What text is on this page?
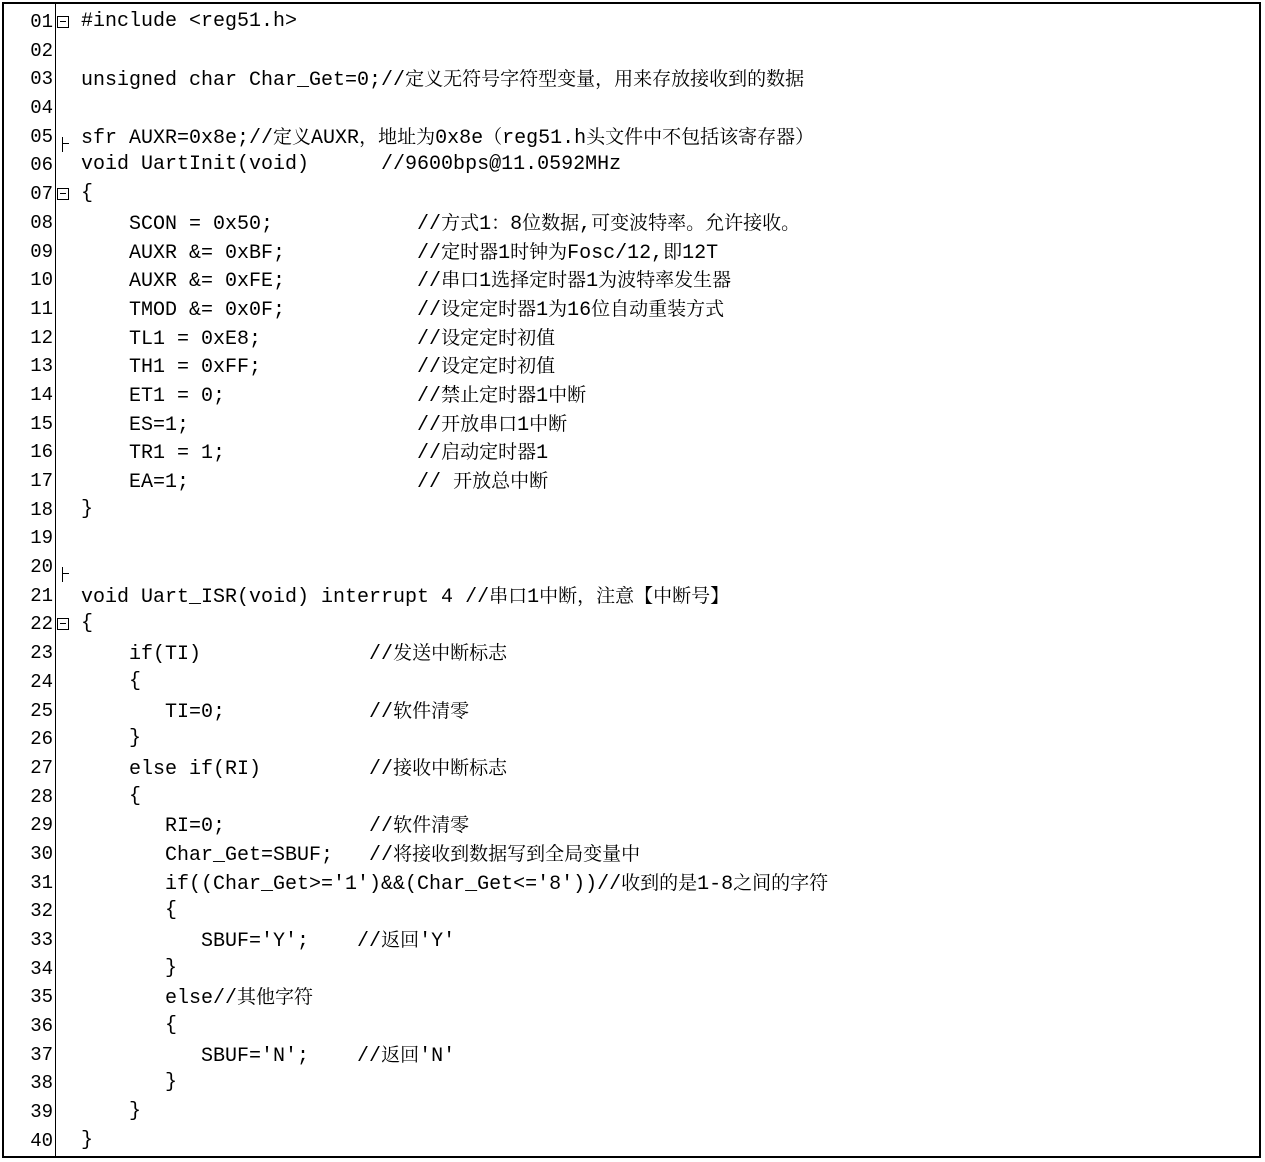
01
02
03
04
05
06
07
08
09
10
11
12
13
14
15
16
17
18
19
20
21
22
23
24
25
26
27
28
29
30
31
32
33
34
35
36
37
38
39
40
#include <reg51.h>

unsigned char Char_Get=0;//定义无符号字符型变量，用来存放接收到的数据

sfr AUXR=0x8e;//定义AUXR，地址为0x8e（reg51.h头文件中不包括该寄存器）
void UartInit(void)      //9600bps@11.0592MHz
{
SCON = 0x50;            //方式1：8位数据,可变波特率。允许接收。
AUXR &= 0xBF;           //定时器1时钟为Fosc/12,即12T
AUXR &= 0xFE;           //串口1选择定时器1为波特率发生器
TMOD &= 0x0F;           //设定定时器1为16位自动重装方式
TL1 = 0xE8;             //设定定时初值
TH1 = 0xFF;             //设定定时初值
ET1 = 0;                //禁止定时器1中断
ES=1;                   //开放串口1中断
TR1 = 1;                //启动定时器1
EA=1;                   // 开放总中断
}

void Uart_ISR(void) interrupt 4 //串口1中断，注意【中断号】
{
if(TI)              //发送中断标志
{
TI=0;            //软件清零
}
else if(RI)         //接收中断标志
{
RI=0;            //软件清零
Char_Get=SBUF;   //将接收到数据写到全局变量中
if((Char_Get>='1')&&(Char_Get<='8'))//收到的是1-8之间的字符
{
SBUF='Y';    //返回'Y'
}
else//其他字符
{
SBUF='N';    //返回'N'
}
}
}
